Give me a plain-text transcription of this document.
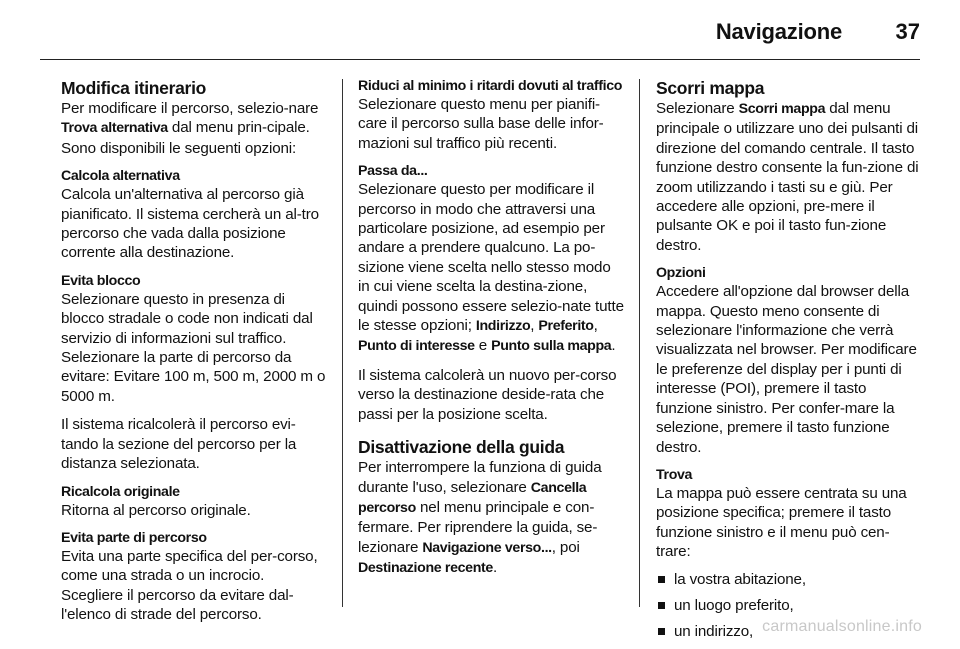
Navigazione 37
Modifica itinerario

Per modificare il percorso, selezio-nare Trova alternativa dal menu prin-cipale. Sono disponibili le seguenti opzioni:

Calcola alternativa

Calcola un'alternativa al percorso già pianificato. Il sistema cercherà un al-tro percorso che vada dalla posizione corrente alla destinazione.

Evita blocco

Selezionare questo in presenza di blocco stradale o code non indicati dal servizio di informazioni sul traffico. Selezionare la parte di percorso da evitare: Evitare 100 m, 500 m, 2000 m o 5000 m.

Il sistema ricalcolerà il percorso evi-tando la sezione del percorso per la distanza selezionata.

Ricalcola originale

Ritorna al percorso originale.

Evita parte di percorso

Evita una parte specifica del per-corso, come una strada o un incrocio. Scegliere il percorso da evitare dal-l'elenco di strade del percorso.

Riduci al minimo i ritardi dovuti al traffico

Selezionare questo menu per pianifi-care il percorso sulla base delle infor-mazioni sul traffico più recenti.

Passa da...

Selezionare questo per modificare il percorso in modo che attraversi una particolare posizione, ad esempio per andare a prendere qualcuno. La po-sizione viene scelta nello stesso modo in cui viene scelta la destina-zione, quindi possono essere selezio-nate tutte le stesse opzioni; Indirizzo, Preferito, Punto di interesse e Punto sulla mappa.

Il sistema calcolerà un nuovo per-corso verso la destinazione deside-rata che passi per la posizione scelta.

Disattivazione della guida

Per interrompere la funziona di guida durante l'uso, selezionare Cancella percorso nel menu principale e con-fermare. Per riprendere la guida, se-lezionare Navigazione verso..., poi Destinazione recente.

Scorri mappa

Selezionare Scorri mappa dal menu principale o utilizzare uno dei pulsanti di direzione del comando centrale. Il tasto funzione destro consente la fun-zione di zoom utilizzando i tasti su e giù. Per accedere alle opzioni, pre-mere il pulsante OK e poi il tasto fun-zione destro.

Opzioni

Accedere all'opzione dal browser della mappa. Questo meno consente di selezionare l'informazione che verrà visualizzata nel browser. Per modificare le preferenze del display per i punti di interesse (POI), premere il tasto funzione sinistro. Per confer-mare la selezione, premere il tasto funzione destro.

Trova

La mappa può essere centrata su una posizione specifica; premere il tasto funzione sinistro e il menu può cen-trare:

la vostra abitazione,
un luogo preferito,
un indirizzo, carmanualsonline.info
